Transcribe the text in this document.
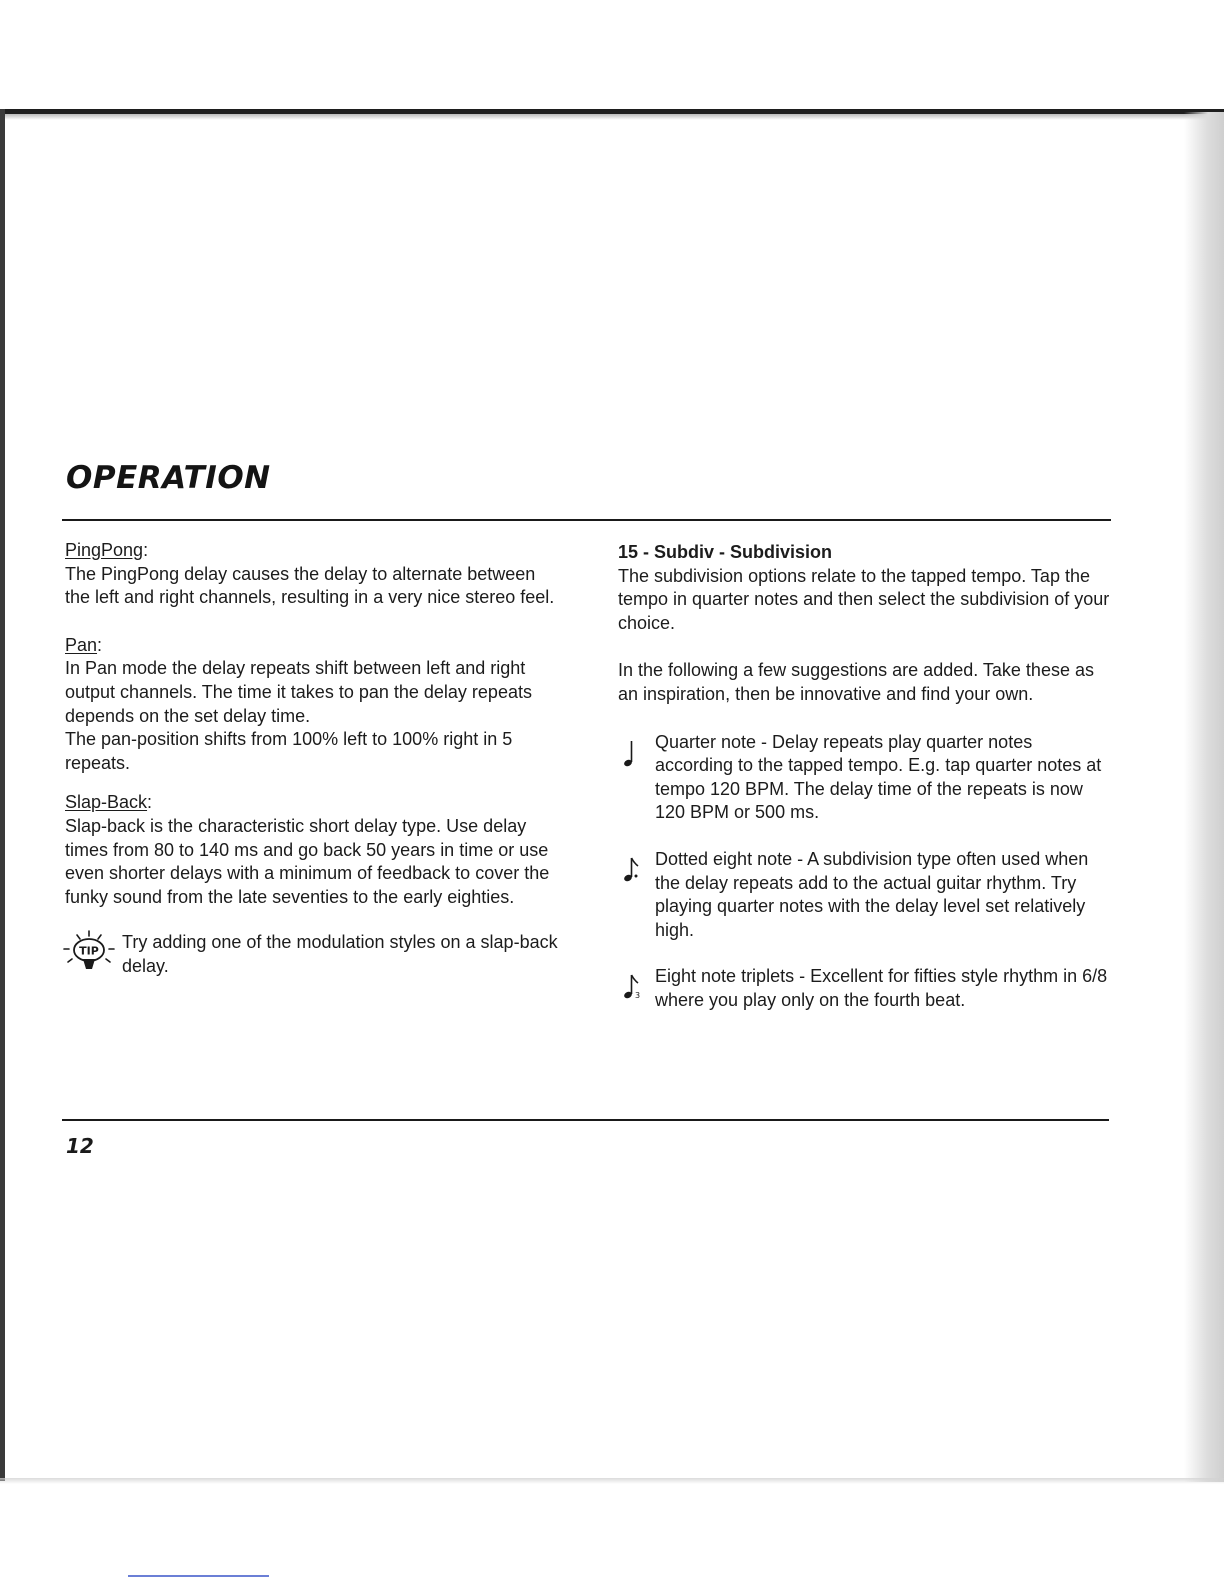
OPERATION

PingPong:

The PingPong delay causes the delay to alternate between the left and right channels, resulting in a very nice stereo feel.

Pan:

In Pan mode the delay repeats shift between left and right output channels. The time it takes to pan the delay repeats depends on the set delay time.

The pan-position shifts from 100% left to 100% right in 5 repeats.

Slap-Back:

Slap-back is the characteristic short delay type. Use delay times from 80 to 140 ms and go back 50 years in time or use even shorter delays with a minimum of feedback to cover the funky sound from the late seventies to the early eighties.

TIP Try adding one of the modulation styles on a slap-back delay.

15 - Subdiv - Subdivision

The subdivision options relate to the tapped tempo. Tap the tempo in quarter notes and then select the subdivision of your choice.

In the following a few suggestions are added. Take these as an inspiration, then be innovative and find your own.

Quarter note - Delay repeats play quarter notes according to the tapped tempo. E.g. tap quarter notes at tempo 120 BPM. The delay time of the repeats is now 120 BPM or 500 ms.

Dotted eight note - A subdivision type often used when the delay repeats add to the actual guitar rhythm. Try playing quarter notes with the delay level set relatively high.

3

Eight note triplets - Excellent for fifties style rhythm in 6/8 where you play only on the fourth beat.

12
